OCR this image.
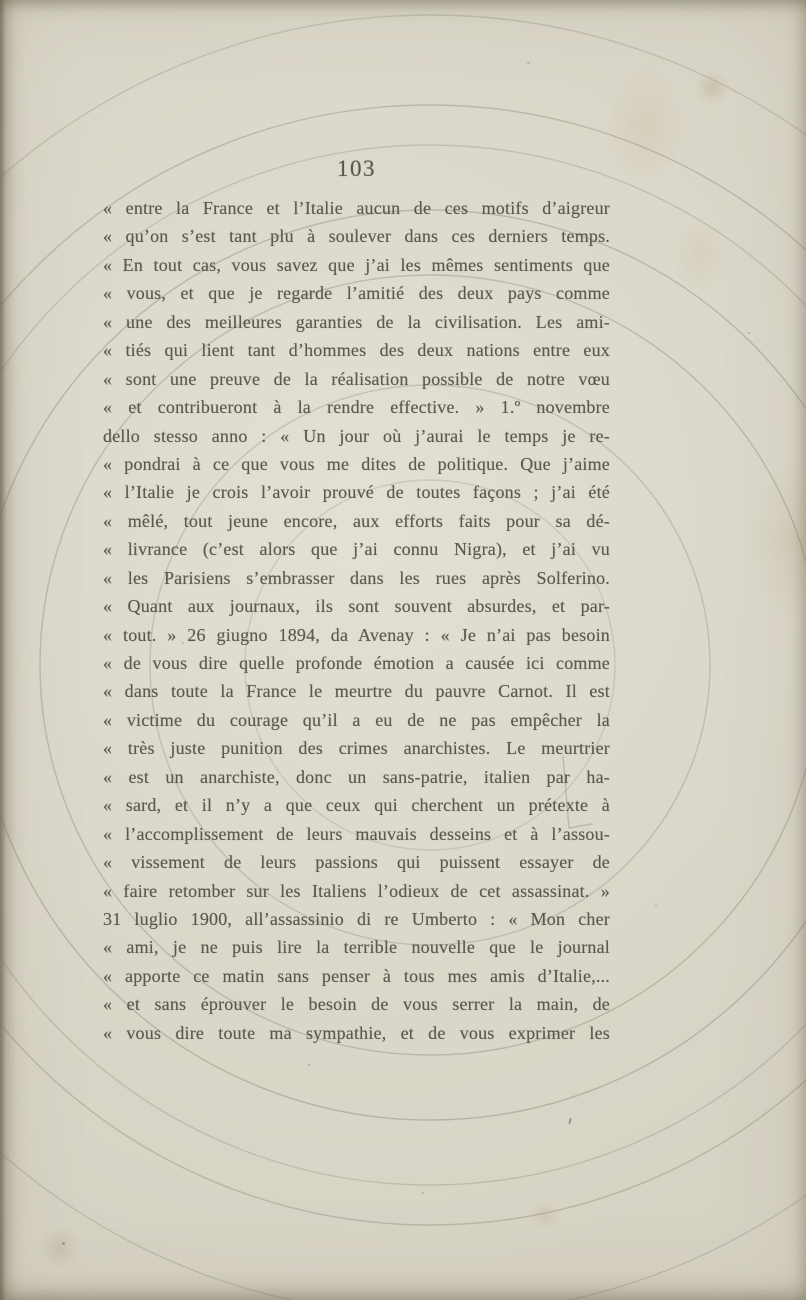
103
« entre la France et l’Italie aucun de ces motifs d’aigreur
« qu’on s’est tant plu à soulever dans ces derniers temps.
« En tout cas, vous savez que j’ai les mêmes sentiments que
« vous, et que je regarde l’amitié des deux pays comme
« une des meilleures garanties de la civilisation. Les ami-
« tiés qui lient tant d’hommes des deux nations entre eux
« sont une preuve de la réalisation possible de notre vœu
« et contribueront à la rendre effective. » 1.º novembre
dello stesso anno : « Un jour où j’aurai le temps je re-
« pondrai à ce que vous me dites de politique. Que j’aime
« l’Italie je crois l’avoir prouvé de toutes façons ; j’ai été
« mêlé, tout jeune encore, aux efforts faits pour sa dé-
« livrance (c’est alors que j’ai connu Nigra), et j’ai vu
« les Parisiens s’embrasser dans les rues après Solferino.
« Quant aux journaux, ils sont souvent absurdes, et par-
« tout. » 26 giugno 1894, da Avenay : « Je n’ai pas besoin
« de vous dire quelle profonde émotion a causée ici comme
« dans toute la France le meurtre du pauvre Carnot. Il est
« victime du courage qu’il a eu de ne pas empêcher la
« très juste punition des crimes anarchistes. Le meurtrier
« est un anarchiste, donc un sans-patrie, italien par ha-
« sard, et il n’y a que ceux qui cherchent un prétexte à
« l’accomplissement de leurs mauvais desseins et à l’assou-
« vissement de leurs passions qui puissent essayer de
« faire retomber sur les Italiens l’odieux de cet assassinat. »
31 luglio 1900, all’assassinio di re Umberto : « Mon cher
« ami, je ne puis lire la terrible nouvelle que le journal
« apporte ce matin sans penser à tous mes amis d’Italie,...
« et sans éprouver le besoin de vous serrer la main, de
« vous dire toute ma sympathie, et de vous exprimer les
